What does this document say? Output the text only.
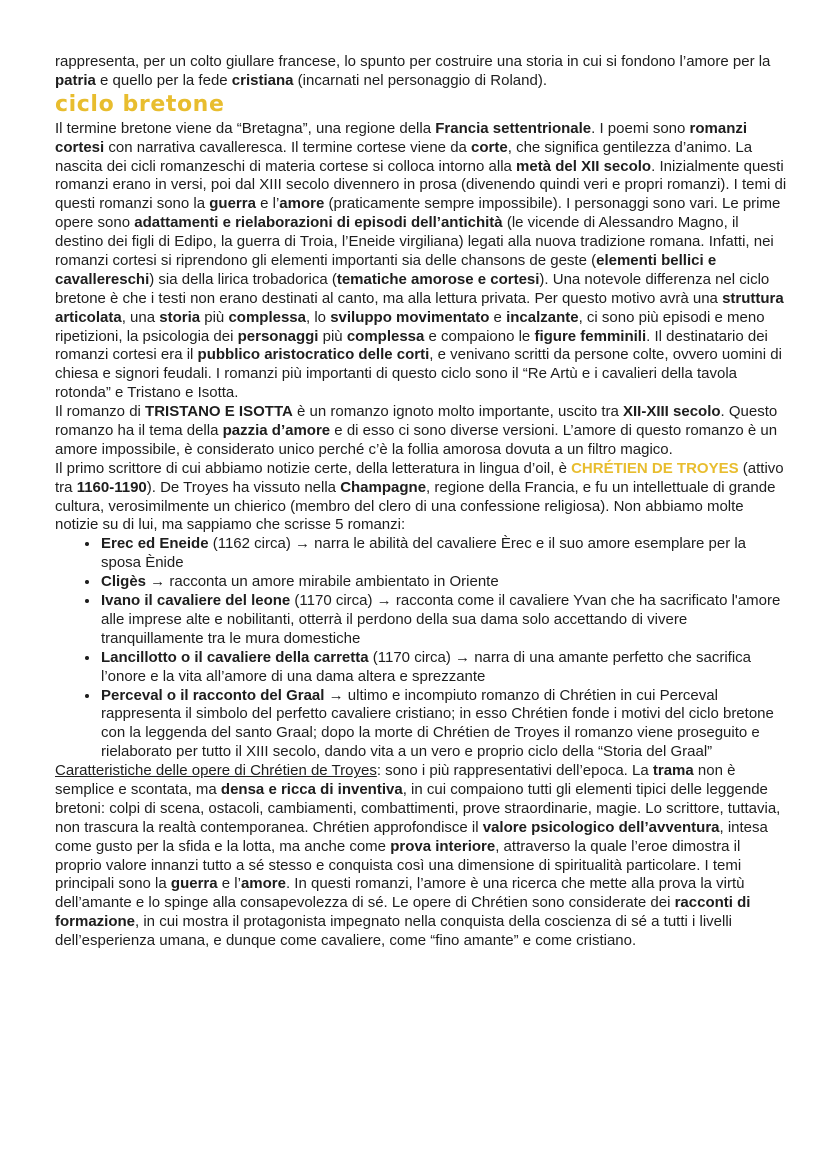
rappresenta, per un colto giullare francese, lo spunto per costruire una storia in cui si fondono l’amore per la patria e quello per la fede cristiana (incarnati nel personaggio di Roland).

ciclo bretone

Il termine bretone viene da “Bretagna”, una regione della Francia settentrionale. I poemi sono romanzi cortesi con narrativa cavalleresca. Il termine cortese viene da corte, che significa gentilezza d’animo. La nascita dei cicli romanzeschi di materia cortese si colloca intorno alla metà del XII secolo. Inizialmente questi romanzi erano in versi, poi dal XIII secolo divennero in prosa (divenendo quindi veri e propri romanzi). I temi di questi romanzi sono la guerra e l’amore (praticamente sempre impossibile). I personaggi sono vari. Le prime opere sono adattamenti e rielaborazioni di episodi dell’antichità (le vicende di Alessandro Magno, il destino dei figli di Edipo, la guerra di Troia, l’Eneide virgiliana) legati alla nuova tradizione romana. Infatti, nei romanzi cortesi si riprendono gli elementi importanti sia delle chansons de geste (elementi bellici e cavallereschi) sia della lirica trobadorica (tematiche amorose e cortesi). Una notevole differenza nel ciclo bretone è che i testi non erano destinati al canto, ma alla lettura privata. Per questo motivo avrà una struttura articolata, una storia più complessa, lo sviluppo movimentato e incalzante, ci sono più episodi e meno ripetizioni, la psicologia dei personaggi più complessa e compaiono le figure femminili. Il destinatario dei romanzi cortesi era il pubblico aristocratico delle corti, e venivano scritti da persone colte, ovvero uomini di chiesa e signori feudali. I romanzi più importanti di questo ciclo sono il “Re Artù e i cavalieri della tavola rotonda” e Tristano e Isotta.

Il romanzo di TRISTANO E ISOTTA è un romanzo ignoto molto importante, uscito tra XII-XIII secolo. Questo romanzo ha il tema della pazzia d’amore e di esso ci sono diverse versioni. L’amore di questo romanzo è un amore impossibile, è considerato unico perché c’è la follia amorosa dovuta a un filtro magico.

Il primo scrittore di cui abbiamo notizie certe, della letteratura in lingua d’oil, è CHRÉTIEN DE TROYES (attivo tra 1160-1190). De Troyes ha vissuto nella Champagne, regione della Francia, e fu un intellettuale di grande cultura, verosimilmente un chierico (membro del clero di una confessione religiosa). Non abbiamo molte notizie su di lui, ma sappiamo che scrisse 5 romanzi:

• Erec ed Eneide (1162 circa) → narra le abilità del cavaliere Èrec e il suo amore esemplare per la sposa Ènide
• Cligès → racconta un amore mirabile ambientato in Oriente
• Ivano il cavaliere del leone (1170 circa) → racconta come il cavaliere Yvan che ha sacrificato l'amore alle imprese alte e nobilitanti, otterrà il perdono della sua dama solo accettando di vivere tranquillamente tra le mura domestiche
• Lancillotto o il cavaliere della carretta (1170 circa) → narra di una amante perfetto che sacrifica l’onore e la vita all’amore di una dama altera e sprezzante
• Perceval o il racconto del Graal → ultimo e incompiuto romanzo di Chrétien in cui Perceval rappresenta il simbolo del perfetto cavaliere cristiano; in esso Chrétien fonde i motivi del ciclo bretone con la leggenda del santo Graal; dopo la morte di Chrétien de Troyes il romanzo viene proseguito e rielaborato per tutto il XIII secolo, dando vita a un vero e proprio ciclo della “Storia del Graal”

Caratteristiche delle opere di Chrétien de Troyes: sono i più rappresentativi dell’epoca. La trama non è semplice e scontata, ma densa e ricca di inventiva, in cui compaiono tutti gli elementi tipici delle leggende bretoni: colpi di scena, ostacoli, cambiamenti, combattimenti, prove straordinarie, magie. Lo scrittore, tuttavia, non trascura la realtà contemporanea. Chrétien approfondisce il valore psicologico dell’avventura, intesa come gusto per la sfida e la lotta, ma anche come prova interiore, attraverso la quale l’eroe dimostra il proprio valore innanzi tutto a sé stesso e conquista così una dimensione di spiritualità particolare. I temi principali sono la guerra e l’amore. In questi romanzi, l’amore è una ricerca che mette alla prova la virtù dell’amante e lo spinge alla consapevolezza di sé. Le opere di Chrétien sono considerate dei racconti di formazione, in cui mostra il protagonista impegnato nella conquista della coscienza di sé a tutti i livelli dell’esperienza umana, e dunque come cavaliere, come “fino amante” e come cristiano.
